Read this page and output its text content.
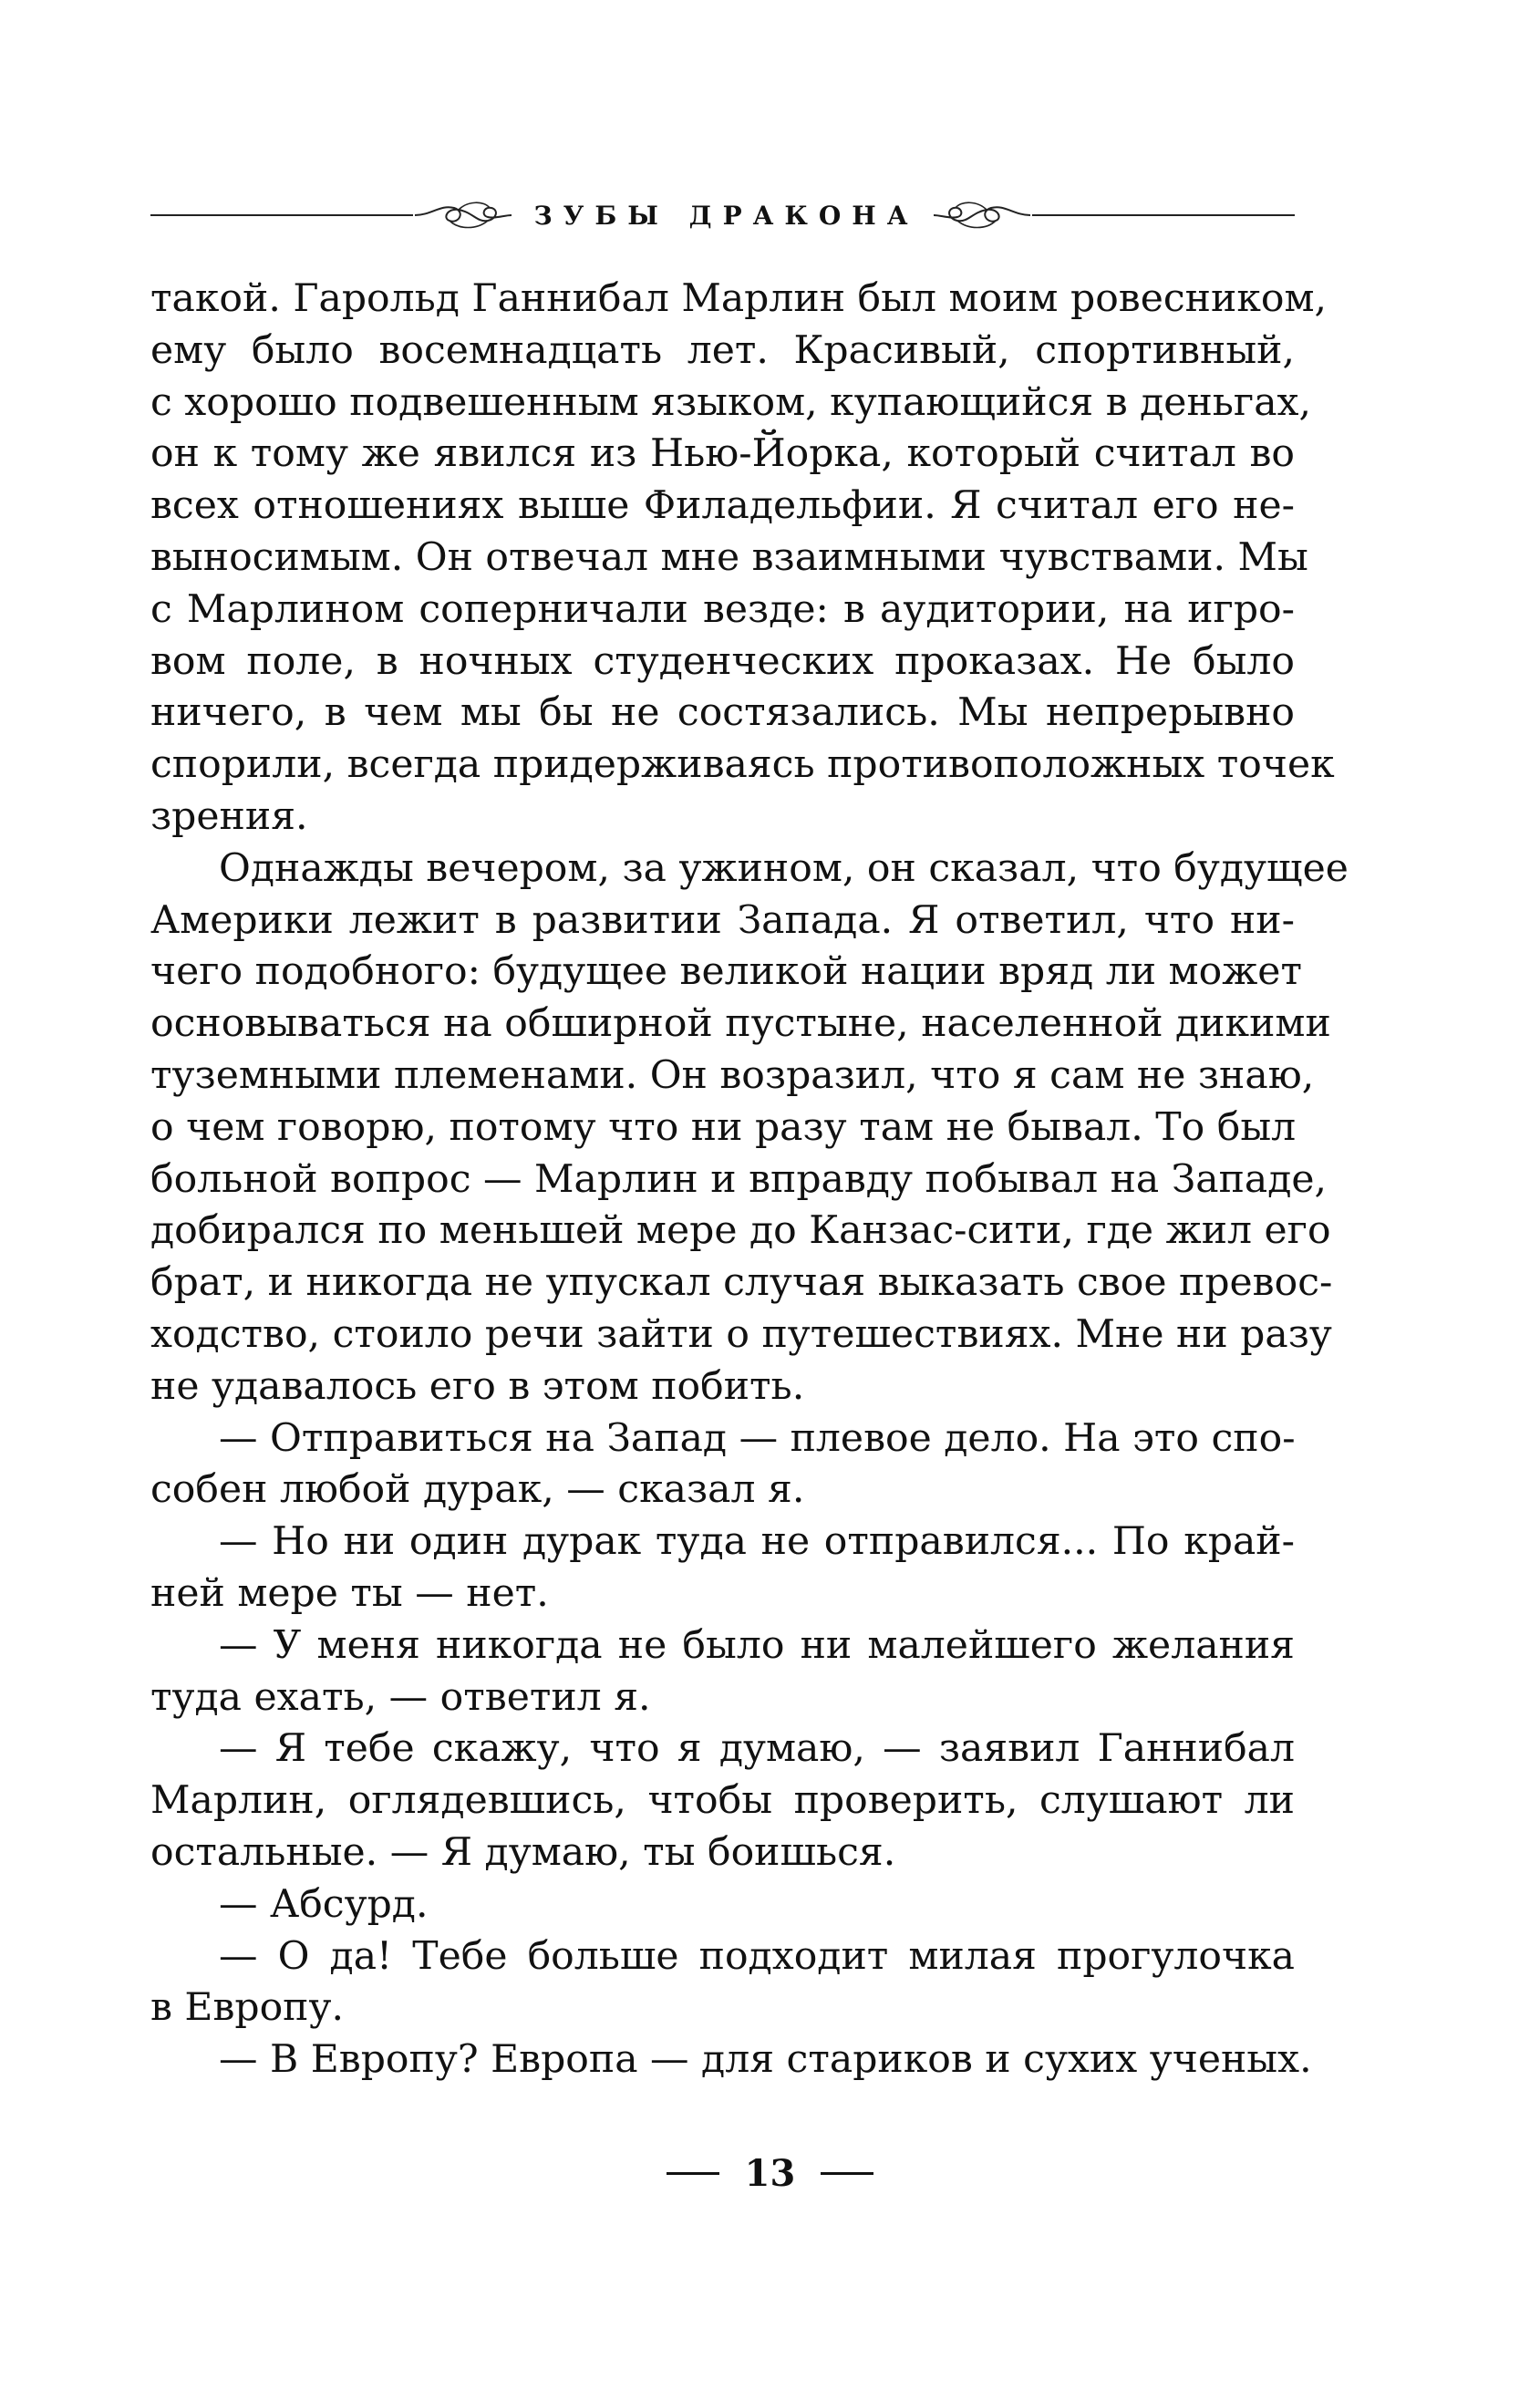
ЗУБЫ ДРАКОНА
такой. Гарольд Ганнибал Марлин был моим ровесником,
ему было восемнадцать лет. Красивый, спортивный,
с хорошо подвешенным языком, купающийся в деньгах,
он к тому же явился из Нью-Йорка, который считал во
всех отношениях выше Филадельфии. Я считал его не -
выносимым. Он отвечал мне взаимными чувствами. Мы
с Марлином соперничали везде: в аудитории, на игро -
вом поле, в ночных студенческих проказах. Не было
ничего, в чем мы бы не состязались. Мы непрерывно
спорили, всегда придерживаясь противоположных точек
зрения.
Однажды вечером, за ужином, он сказал, что будущее
Америки лежит в развитии Запада. Я ответил, что ни -
чего подобного: будущее великой нации вряд ли может
основываться на обширной пустыне, населенной дикими
туземными племенами. Он возразил, что я сам не знаю,
о чем говорю, потому что ни разу там не бывал. То был
больной вопрос — Марлин и вправду побывал на Западе,
добирался по меньшей мере до Канзас-сити, где жил его
брат, и никогда не упускал случая выказать свое превос -
ходство, стоило речи зайти о путешествиях. Мне ни разу
не удавалось его в этом побить.
— Отправиться на Запад — плевое дело. На это спо -
собен любой дурак, — сказал я.
— Но ни один дурак туда не отправился... По край -
ней мере ты — нет.
— У меня никогда не было ни малейшего желания
туда ехать, — ответил я.
— Я тебе скажу, что я думаю, — заявил Ганнибал
Марлин, оглядевшись, чтобы проверить, слушают ли
остальные. — Я думаю, ты боишься.
— Абсурд.
— О да! Тебе больше подходит милая прогулочка
в Европу.
— В Европу? Европа — для стариков и сухих ученых.
13
